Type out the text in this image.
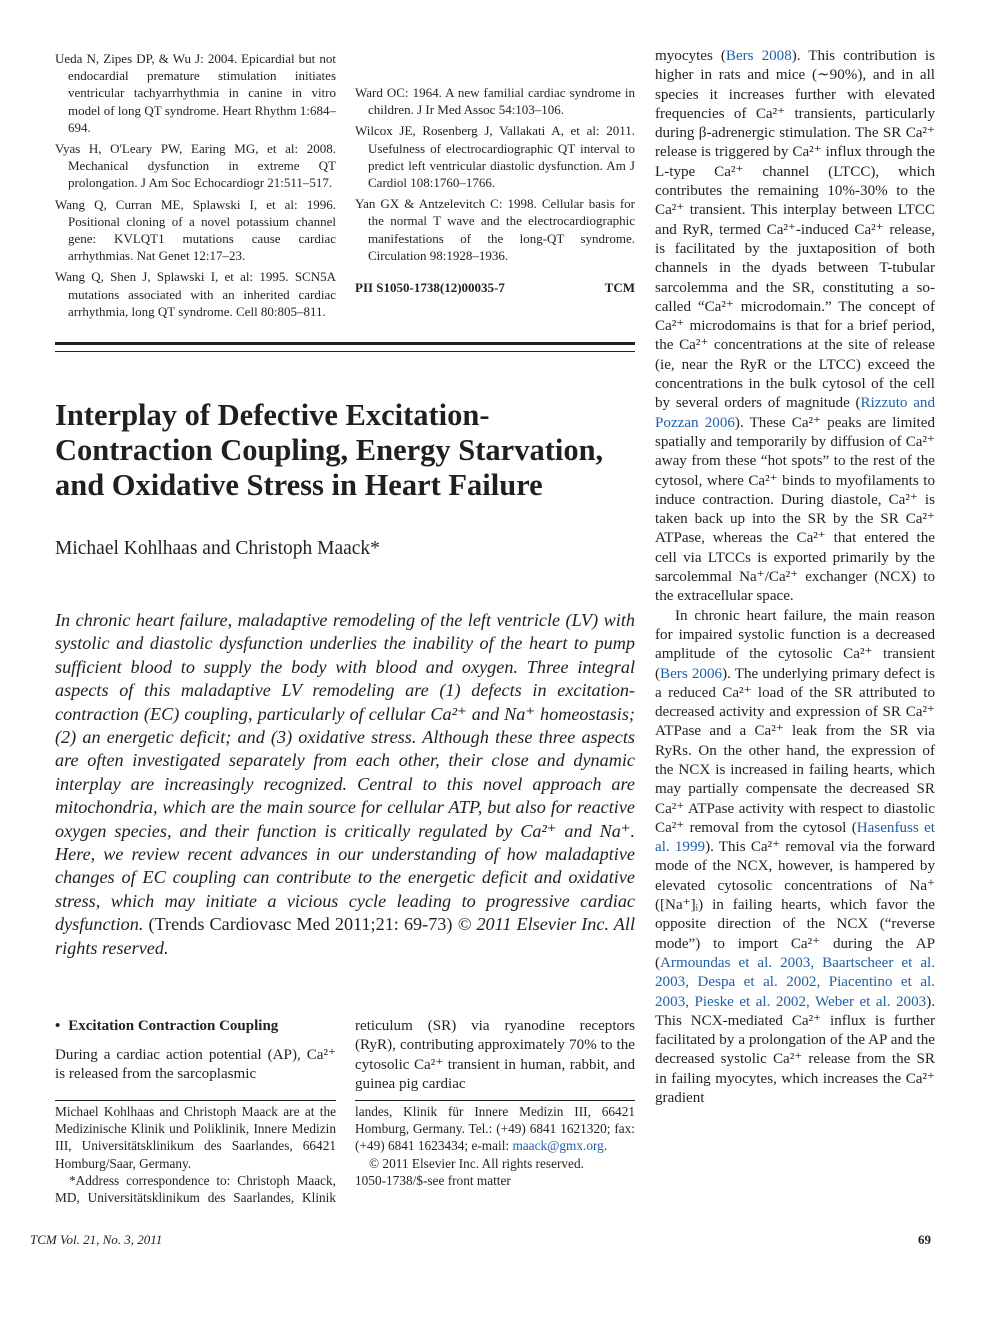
Ueda N, Zipes DP, & Wu J: 2004. Epicardial but not endocardial premature stimulation initiates ventricular tachyarrhythmia in canine in vitro model of long QT syndrome. Heart Rhythm 1:684–694.

Vyas H, O'Leary PW, Earing MG, et al: 2008. Mechanical dysfunction in extreme QT prolongation. J Am Soc Echocardiogr 21:511–517.

Wang Q, Curran ME, Splawski I, et al: 1996. Positional cloning of a novel potassium channel gene: KVLQT1 mutations cause cardiac arrhythmias. Nat Genet 12:17–23.

Wang Q, Shen J, Splawski I, et al: 1995. SCN5A mutations associated with an inherited cardiac arrhythmia, long QT syndrome. Cell 80:805–811.

Ward OC: 1964. A new familial cardiac syndrome in children. J Ir Med Assoc 54:103–106.

Wilcox JE, Rosenberg J, Vallakati A, et al: 2011. Usefulness of electrocardiographic QT interval to predict left ventricular diastolic dysfunction. Am J Cardiol 108:1760–1766.

Yan GX & Antzelevitch C: 1998. Cellular basis for the normal T wave and the electrocardiographic manifestations of the long-QT syndrome. Circulation 98:1928–1936.

PII S1050-1738(12)00035-7	TCM
Interplay of Defective Excitation-Contraction Coupling, Energy Starvation, and Oxidative Stress in Heart Failure

Michael Kohlhaas and Christoph Maack*

In chronic heart failure, maladaptive remodeling of the left ventricle (LV) with systolic and diastolic dysfunction underlies the inability of the heart to pump sufficient blood to supply the body with blood and oxygen. Three integral aspects of this maladaptive LV remodeling are (1) defects in excitation-contraction (EC) coupling, particularly of cellular Ca²⁺ and Na⁺ homeostasis; (2) an energetic deficit; and (3) oxidative stress. Although these three aspects are often investigated separately from each other, their close and dynamic interplay are increasingly recognized. Central to this novel approach are mitochondria, which are the main source for cellular ATP, but also for reactive oxygen species, and their function is critically regulated by Ca²⁺ and Na⁺. Here, we review recent advances in our understanding of how maladaptive changes of EC coupling can contribute to the energetic deficit and oxidative stress, which may initiate a vicious cycle leading to progressive cardiac dysfunction. (Trends Cardiovasc Med 2011;21: 69-73) © 2011 Elsevier Inc. All rights reserved.

• Excitation Contraction Coupling

During a cardiac action potential (AP), Ca²⁺ is released from the sarcoplasmic

reticulum (SR) via ryanodine receptors (RyR), contributing approximately 70% to the cytosolic Ca²⁺ transient in human, rabbit, and guinea pig cardiac

Michael Kohlhaas and Christoph Maack are at the Medizinische Klinik und Poliklinik, Innere Medizin III, Universitätsklinikum des Saarlandes, 66421 Homburg/Saar, Germany.

*Address correspondence to: Christoph Maack, MD, Universitätsklinikum des Saarlandes, Klinik

landes, Klinik für Innere Medizin III, 66421 Homburg, Germany. Tel.: (+49) 6841 1621320; fax: (+49) 6841 1623434; e-mail: maack@gmx.org.

© 2011 Elsevier Inc. All rights reserved.

1050-1738/$-see front matter

myocytes (Bers 2008). This contribution is higher in rats and mice (∼90%), and in all species it increases further with elevated frequencies of Ca²⁺ transients, particularly during β-adrenergic stimulation. The SR Ca²⁺ release is triggered by Ca²⁺ influx through the L-type Ca²⁺ channel (LTCC), which contributes the remaining 10%-30% to the Ca²⁺ transient. This interplay between LTCC and RyR, termed Ca²⁺-induced Ca²⁺ release, is facilitated by the juxtaposition of both channels in the dyads between T-tubular sarcolemma and the SR, constituting a so-called “Ca²⁺ microdomain.” The concept of Ca²⁺ microdomains is that for a brief period, the Ca²⁺ concentrations at the site of release (ie, near the RyR or the LTCC) exceed the concentrations in the bulk cytosol of the cell by several orders of magnitude (Rizzuto and Pozzan 2006). These Ca²⁺ peaks are limited spatially and temporarily by diffusion of Ca²⁺ away from these “hot spots” to the rest of the cytosol, where Ca²⁺ binds to myofilaments to induce contraction. During diastole, Ca²⁺ is taken back up into the SR by the SR Ca²⁺ ATPase, whereas the Ca²⁺ that entered the cell via LTCCs is exported primarily by the sarcolemmal Na⁺/Ca²⁺ exchanger (NCX) to the extracellular space.

In chronic heart failure, the main reason for impaired systolic function is a decreased amplitude of the cytosolic Ca²⁺ transient (Bers 2006). The underlying primary defect is a reduced Ca²⁺ load of the SR attributed to decreased activity and expression of SR Ca²⁺ ATPase and a Ca²⁺ leak from the SR via RyRs. On the other hand, the expression of the NCX is increased in failing hearts, which may partially compensate the decreased SR Ca²⁺ ATPase activity with respect to diastolic Ca²⁺ removal from the cytosol (Hasenfuss et al. 1999). This Ca²⁺ removal via the forward mode of the NCX, however, is hampered by elevated cytosolic concentrations of Na⁺ ([Na⁺]ᵢ) in failing hearts, which favor the opposite direction of the NCX (“reverse mode”) to import Ca²⁺ during the AP (Armoundas et al. 2003, Baartscheer et al. 2003, Despa et al. 2002, Piacentino et al. 2003, Pieske et al. 2002, Weber et al. 2003). This NCX-mediated Ca²⁺ influx is further facilitated by a prolongation of the AP and the decreased systolic Ca²⁺ release from the SR in failing myocytes, which increases the Ca²⁺ gradient

TCM Vol. 21, No. 3, 2011	69
